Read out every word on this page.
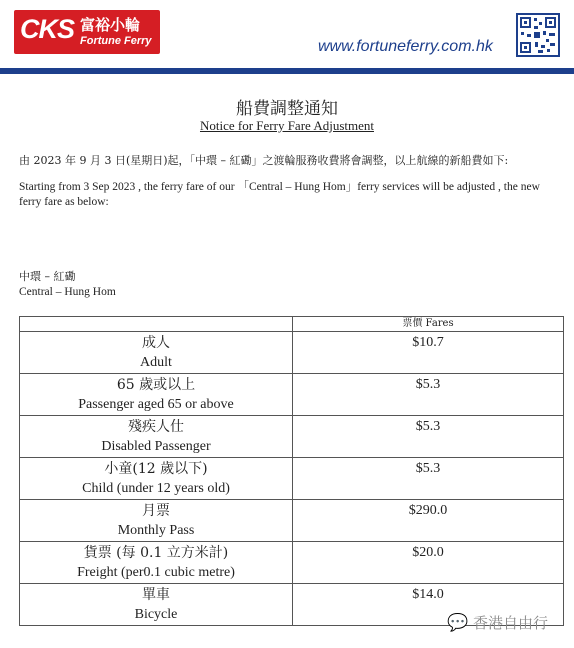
CKS 富裕小輪
Fortune Ferry	www.fortuneferry.com.hk
船費調整通知
Notice for Ferry Fare Adjustment
由 2023 年 9 月 3 日(星期日)起，「中環 – 紅磡」之渡輪服務收費將會調整，以上航線的新船費如下:
Starting from 3 Sep 2023 , the ferry fare of our 「Central – Hung Hom」ferry services will be adjusted , the new ferry fare as below:
中環 – 紅磡
Central – Hung Hom
	票價 Fares

成人
Adult	$10.7

65 歲或以上
Passenger aged 65 or above	$5.3

殘疾人仕
Disabled Passenger	$5.3

小童(12 歲以下)
Child (under 12 years old)	$5.3

月票
Monthly Pass	$290.0

貨票 (每 0.1 立方米計)
Freight (per0.1 cubic metre)	$20.0

單車
Bicycle	$14.0
💬 香港自由行
